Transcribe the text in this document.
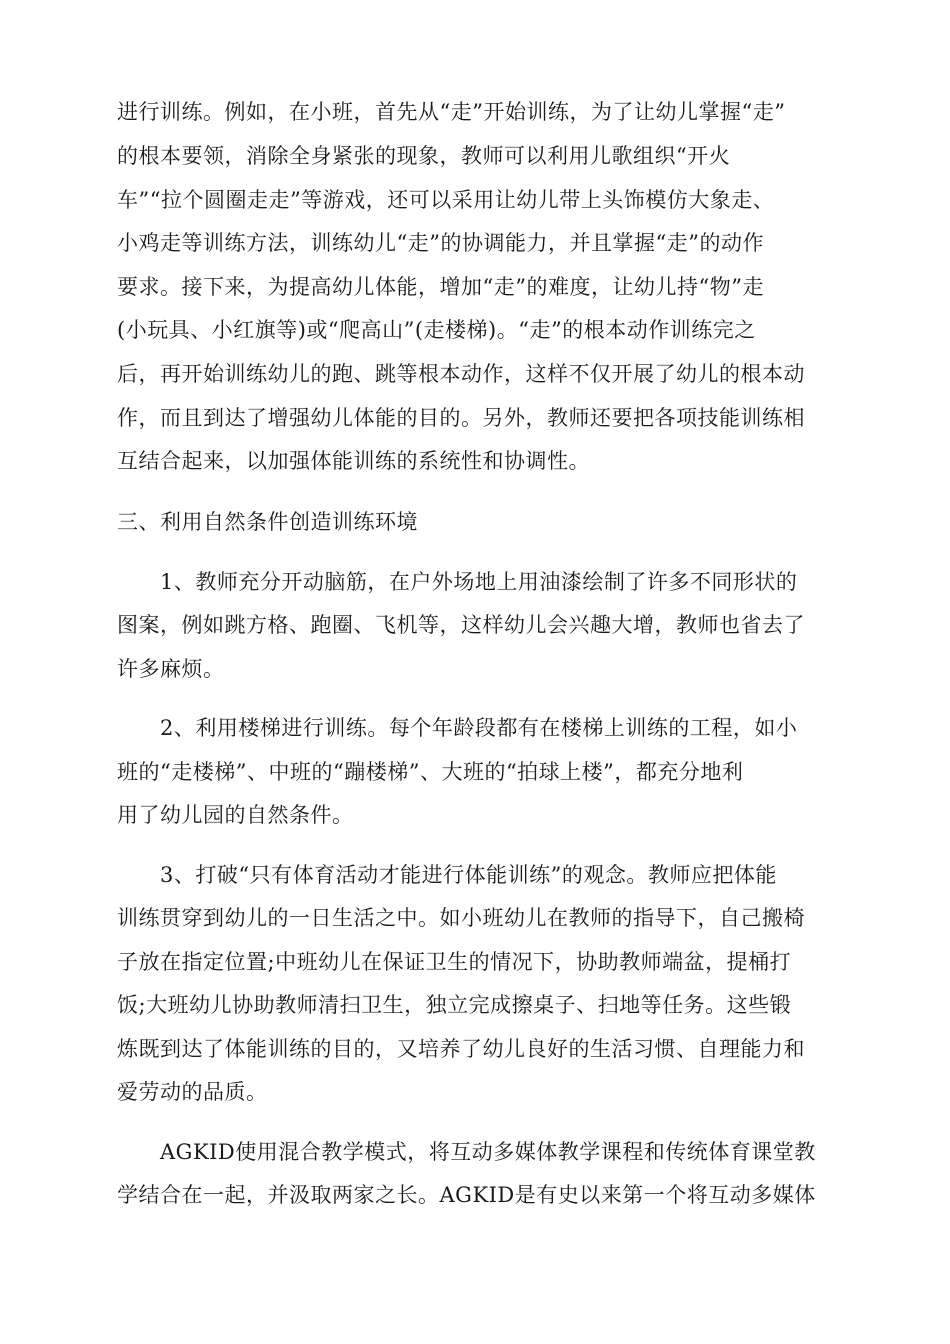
进行训练。例如，在小班，首先从“走”开始训练，为了让幼儿掌握“走”
的根本要领，消除全身紧张的现象，教师可以利用儿歌组织“开火
车”“拉个圆圈走走”等游戏，还可以采用让幼儿带上头饰模仿大象走、
小鸡走等训练方法，训练幼儿“走”的协调能力，并且掌握“走”的动作
要求。接下来，为提高幼儿体能，增加“走”的难度，让幼儿持“物”走
(小玩具、小红旗等)或“爬高山”(走楼梯)。“走”的根本动作训练完之
后，再开始训练幼儿的跑、跳等根本动作，这样不仅开展了幼儿的根本动
作，而且到达了增强幼儿体能的目的。另外，教师还要把各项技能训练相
互结合起来，以加强体能训练的系统性和协调性。
三、利用自然条件创造训练环境
1、教师充分开动脑筋，在户外场地上用油漆绘制了许多不同形状的
图案，例如跳方格、跑圈、飞机等，这样幼儿会兴趣大增，教师也省去了
许多麻烦。
2、利用楼梯进行训练。每个年龄段都有在楼梯上训练的工程，如小
班的“走楼梯”、中班的“蹦楼梯”、大班的“拍球上楼”，都充分地利
用了幼儿园的自然条件。
3、打破“只有体育活动才能进行体能训练”的观念。教师应把体能
训练贯穿到幼儿的一日生活之中。如小班幼儿在教师的指导下，自己搬椅
子放在指定位置;中班幼儿在保证卫生的情况下，协助教师端盆，提桶打
饭;大班幼儿协助教师清扫卫生，独立完成擦桌子、扫地等任务。这些锻
炼既到达了体能训练的目的，又培养了幼儿良好的生活习惯、自理能力和
爱劳动的品质。
AGKID使用混合教学模式，将互动多媒体教学课程和传统体育课堂教
学结合在一起，并汲取两家之长。AGKID是有史以来第一个将互动多媒体
